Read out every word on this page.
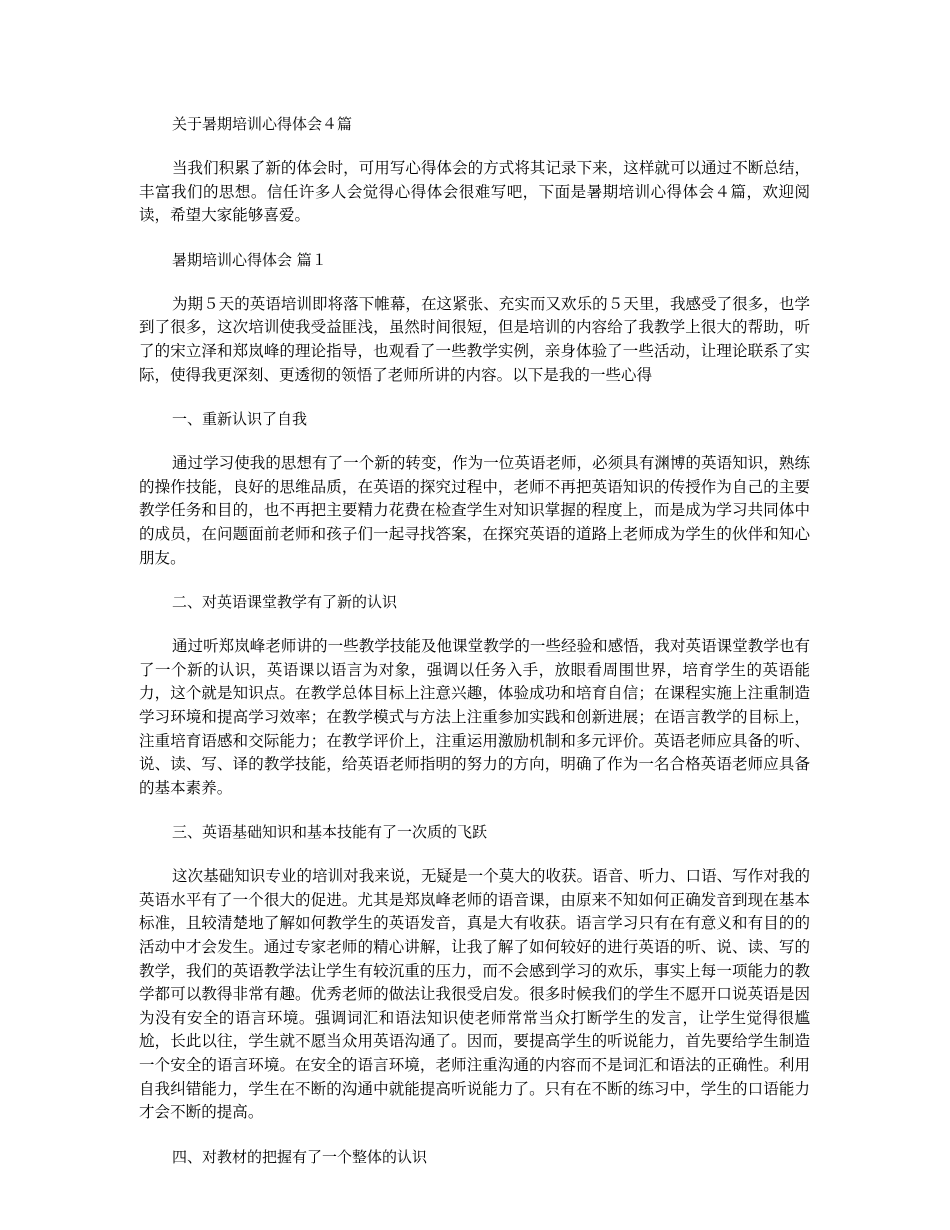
关于暑期培训心得体会４篇

当我们积累了新的体会时，可用写心得体会的方式将其记录下来，这样就可以通过不断总结，丰富我们的思想。信任许多人会觉得心得体会很难写吧，下面是暑期培训心得体会４篇，欢迎阅读，希望大家能够喜爱。

暑期培训心得体会 篇１

为期５天的英语培训即将落下帷幕，在这紧张、充实而又欢乐的５天里，我感受了很多，也学到了很多，这次培训使我受益匪浅，虽然时间很短，但是培训的内容给了我教学上很大的帮助，听了的宋立泽和郑岚峰的理论指导，也观看了一些教学实例，亲身体验了一些活动，让理论联系了实际，使得我更深刻、更透彻的领悟了老师所讲的内容。以下是我的一些心得

一、重新认识了自我

通过学习使我的思想有了一个新的转变，作为一位英语老师，必须具有渊博的英语知识，熟练的操作技能，良好的思维品质，在英语的探究过程中，老师不再把英语知识的传授作为自己的主要教学任务和目的，也不再把主要精力花费在检查学生对知识掌握的程度上，而是成为学习共同体中的成员，在问题面前老师和孩子们一起寻找答案，在探究英语的道路上老师成为学生的伙伴和知心朋友。

二、对英语课堂教学有了新的认识

通过听郑岚峰老师讲的一些教学技能及他课堂教学的一些经验和感悟，我对英语课堂教学也有了一个新的认识，英语课以语言为对象，强调以任务入手，放眼看周围世界，培育学生的英语能力，这个就是知识点。在教学总体目标上注意兴趣，体验成功和培育自信；在课程实施上注重制造学习环境和提高学习效率；在教学模式与方法上注重参加实践和创新进展；在语言教学的目标上，注重培育语感和交际能力；在教学评价上，注重运用激励机制和多元评价。英语老师应具备的听、说、读、写、译的教学技能，给英语老师指明的努力的方向，明确了作为一名合格英语老师应具备的基本素养。

三、英语基础知识和基本技能有了一次质的飞跃

这次基础知识专业的培训对我来说，无疑是一个莫大的收获。语音、听力、口语、写作对我的英语水平有了一个很大的促进。尤其是郑岚峰老师的语音课，由原来不知如何正确发音到现在基本标准，且较清楚地了解如何教学生的英语发音，真是大有收获。语言学习只有在有意义和有目的的活动中才会发生。通过专家老师的精心讲解，让我了解了如何较好的进行英语的听、说、读、写的教学，我们的英语教学法让学生有较沉重的压力，而不会感到学习的欢乐，事实上每一项能力的教学都可以教得非常有趣。优秀老师的做法让我很受启发。很多时候我们的学生不愿开口说英语是因为没有安全的语言环境。强调词汇和语法知识使老师常常当众打断学生的发言，让学生觉得很尴尬，长此以往，学生就不愿当众用英语沟通了。因而，要提高学生的听说能力，首先要给学生制造一个安全的语言环境。在安全的语言环境，老师注重沟通的内容而不是词汇和语法的正确性。利用自我纠错能力，学生在不断的沟通中就能提高听说能力了。只有在不断的练习中，学生的口语能力才会不断的提高。

四、对教材的把握有了一个整体的认识
